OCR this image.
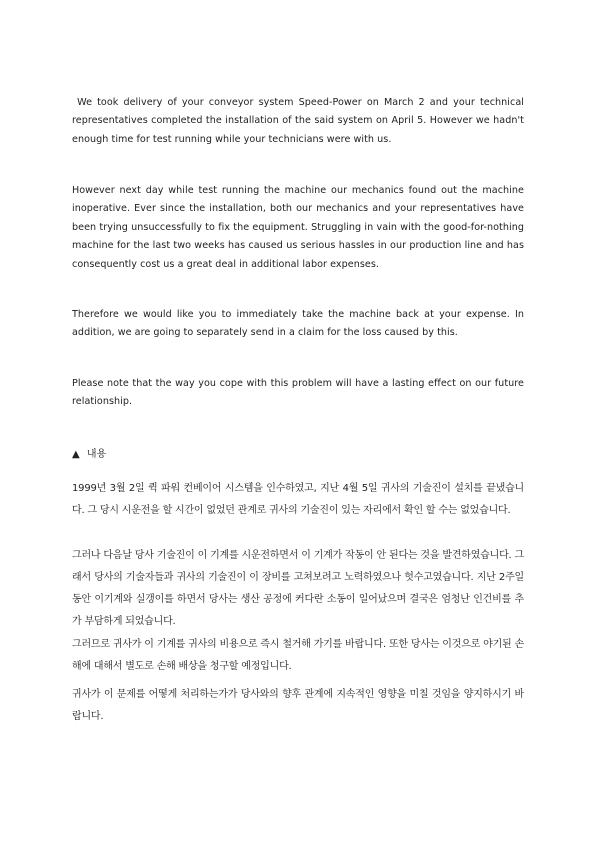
We took delivery of your conveyor system Speed-Power on March 2 and your technical representatives completed the installation of the said system on April 5. However we hadn't enough time for test running while your technicians were with us.

However next day while test running the machine our mechanics found out the machine inoperative. Ever since the installation, both our mechanics and your representatives have been trying unsuccessfully to fix the equipment. Struggling in vain with the good-for-nothing machine for the last two weeks has caused us serious hassles in our production line and has consequently cost us a great deal in additional labor expenses.

Therefore we would like you to immediately take the machine back at your expense. In addition, we are going to separately send in a claim for the loss caused by this.

Please note that the way you cope with this problem will have a lasting effect on our future relationship.

▲ 내용

1999년 3월 2일 퀵 파워 컨베이어 시스템을 인수하였고, 지난 4월 5일 귀사의 기술진이 설치를 끝냈습니다. 그 당시 시운전을 할 시간이 없었던 관계로 귀사의 기술진이 있는 자리에서 확인 할 수는 없었습니다.

그러나 다음날 당사 기술진이 이 기계를 시운전하면서 이 기계가 작동이 안 된다는 것을 발견하였습니다. 그래서 당사의 기술자들과 귀사의 기술진이 이 장비를 고쳐보려고 노력하였으나 헛수고였습니다. 지난 2주일 동안 이기계와 실갱이를 하면서 당사는 생산 공정에 커다란 소동이 일어났으며 결국은 엄청난 인건비를 추가 부담하게 되었습니다.

그러므로 귀사가 이 기계를 귀사의 비용으로 즉시 철거해 가기를 바랍니다. 또한 당사는 이것으로 야기된 손해에 대해서 별도로 손해 배상을 청구할 예정입니다.

귀사가 이 문제를 어떻게 처리하는가가 당사와의 향후 관계에 지속적인 영향을 미칠 것임을 양지하시기 바랍니다.
